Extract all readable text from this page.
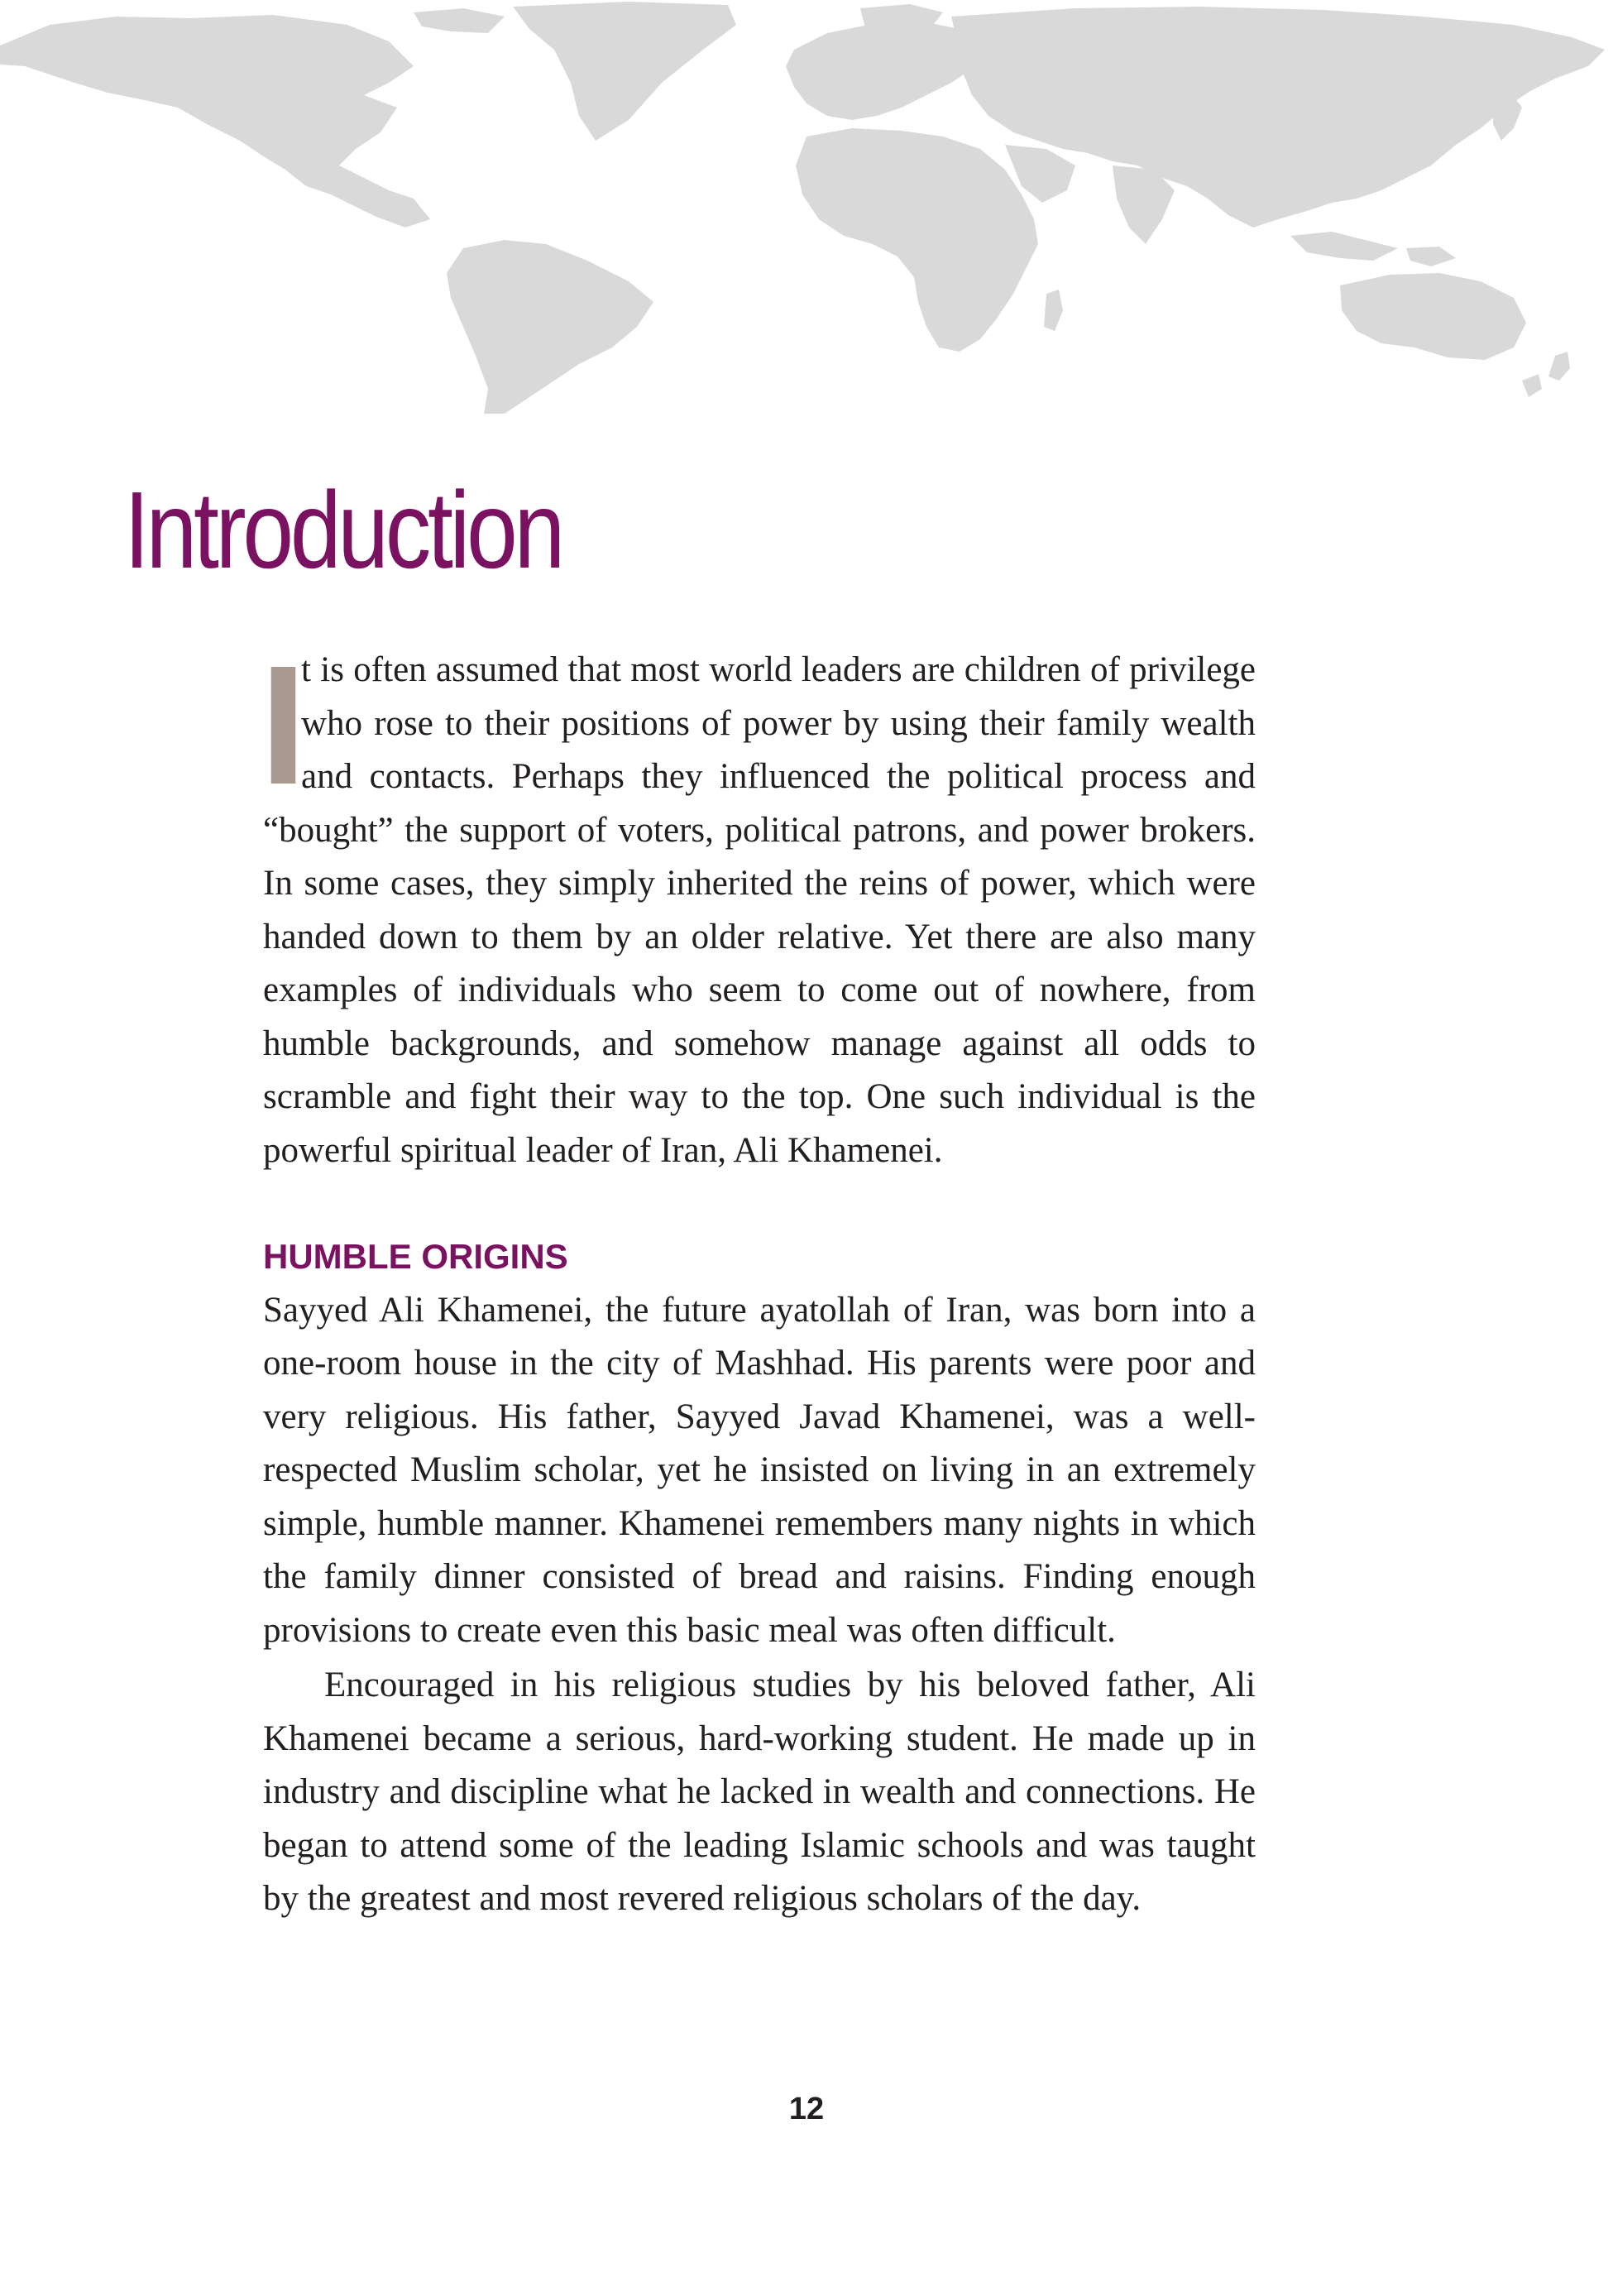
Introduction

I
t is often assumed that most world leaders are children of privilege who rose to their positions of power by using their family wealth and contacts. Perhaps they influenced the political process and “bought” the support of voters, political patrons, and power brokers. In some cases, they simply inherited the reins of power, which were handed down to them by an older relative. Yet there are also many examples of individuals who seem to come out of nowhere, from humble backgrounds, and somehow manage against all odds to scramble and fight their way to the top. One such individual is the powerful spiritual leader of Iran, Ali Khamenei.

HUMBLE ORIGINS

Sayyed Ali Khamenei, the future ayatollah of Iran, was born into a one-room house in the city of Mashhad. His parents were poor and very religious. His father, Sayyed Javad Khamenei, was a well-respected Muslim scholar, yet he insisted on living in an extremely simple, humble manner. Khamenei remembers many nights in which the family dinner consisted of bread and raisins. Finding enough provisions to create even this basic meal was often difficult.

Encouraged in his religious studies by his beloved father, Ali Khamenei became a serious, hard-working student. He made up in industry and discipline what he lacked in wealth and connections. He began to attend some of the leading Islamic schools and was taught by the greatest and most revered religious scholars of the day.

12
